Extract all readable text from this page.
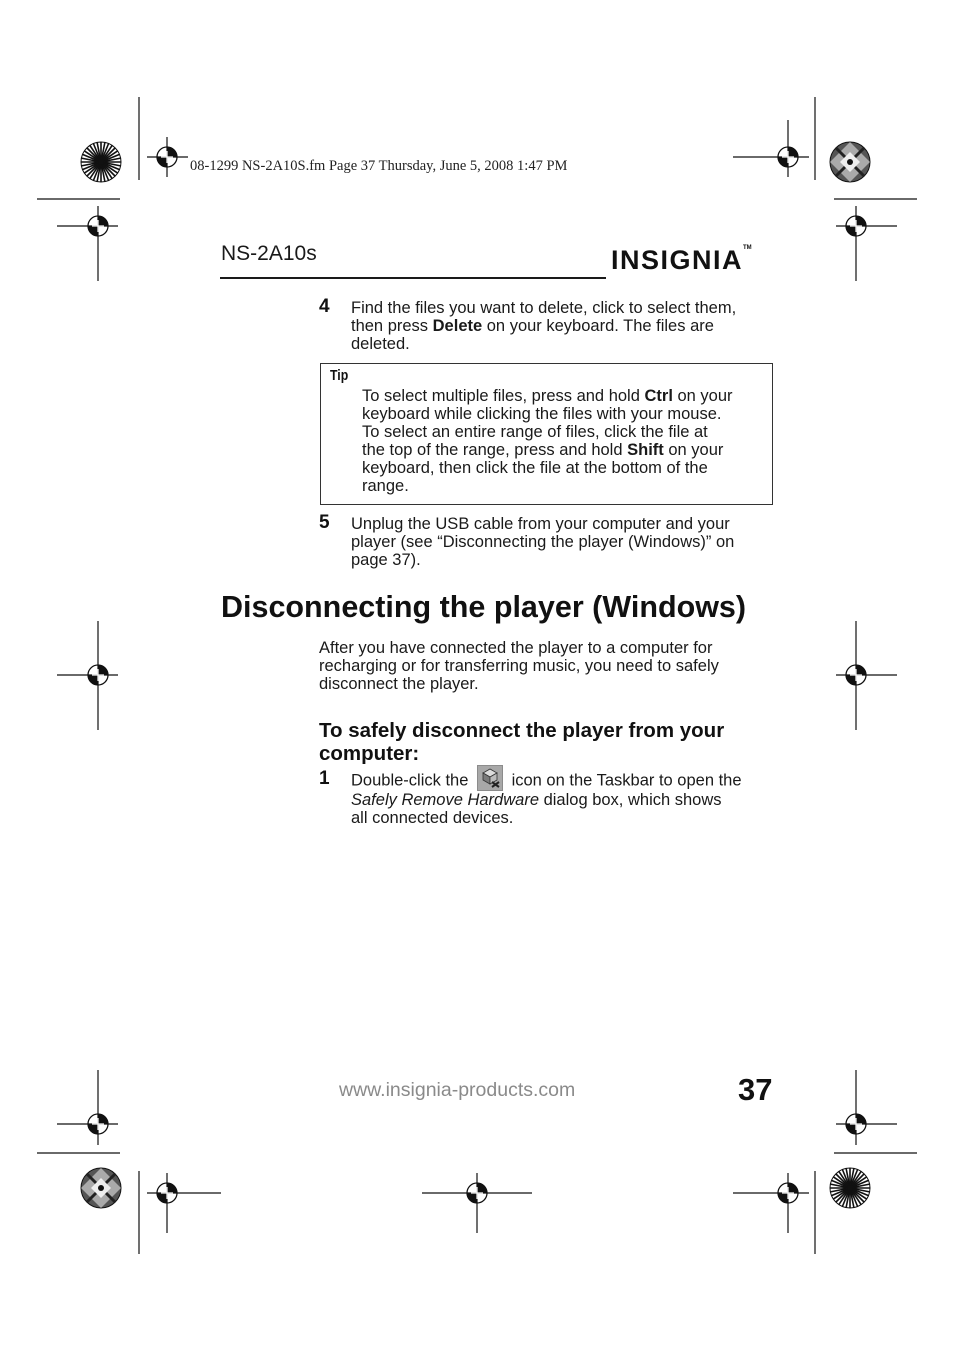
08-1299 NS-2A10S.fm Page 37 Thursday, June 5, 2008 1:47 PM
NS-2A10s	INSIGNIA™
4 Find the files you want to delete, click to select them,
then press Delete on your keyboard. The files are
deleted.
Tip
To select multiple files, press and hold Ctrl on your
keyboard while clicking the files with your mouse.
To select an entire range of files, click the file at
the top of the range, press and hold Shift on your
keyboard, then click the file at the bottom of the
range.
5 Unplug the USB cable from your computer and your
player (see “Disconnecting the player (Windows)” on
page 37).
Disconnecting the player (Windows)
After you have connected the player to a computer for
recharging or for transferring music, you need to safely
disconnect the player.
To safely disconnect the player from your
computer:
1 Double-click the	icon on the Taskbar to open the
Safely Remove Hardware dialog box, which shows
all connected devices.
www.insignia-products.com	37
